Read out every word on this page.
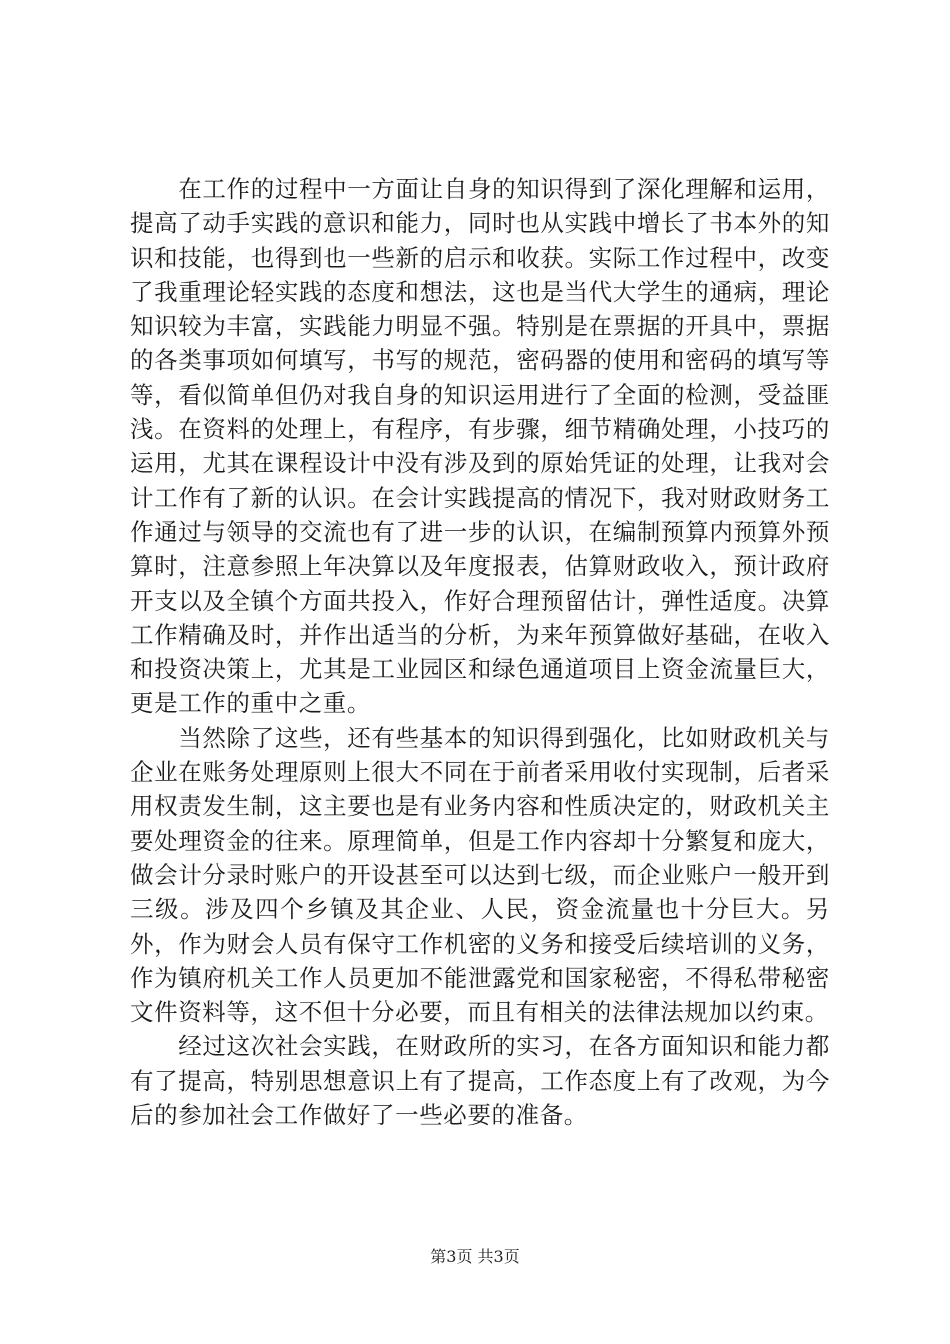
　　在工作的过程中一方面让自身的知识得到了深化理解和运用，提高了动手实践的意识和能力，同时也从实践中增长了书本外的知识和技能，也得到也一些新的启示和收获。实际工作过程中，改变了我重理论轻实践的态度和想法，这也是当代大学生的通病，理论知识较为丰富，实践能力明显不强。特别是在票据的开具中，票据的各类事项如何填写，书写的规范，密码器的使用和密码的填写等等，看似简单但仍对我自身的知识运用进行了全面的检测，受益匪浅。在资料的处理上，有程序，有步骤，细节精确处理，小技巧的运用，尤其在课程设计中没有涉及到的原始凭证的处理，让我对会计工作有了新的认识。在会计实践提高的情况下，我对财政财务工作通过与领导的交流也有了进一步的认识，在编制预算内预算外预算时，注意参照上年决算以及年度报表，估算财政收入，预计政府开支以及全镇个方面共投入，作好合理预留估计，弹性适度。决算工作精确及时，并作出适当的分析，为来年预算做好基础，在收入和投资决策上，尤其是工业园区和绿色通道项目上资金流量巨大，更是工作的重中之重。

　　当然除了这些，还有些基本的知识得到强化，比如财政机关与企业在账务处理原则上很大不同在于前者采用收付实现制，后者采用权责发生制，这主要也是有业务内容和性质决定的，财政机关主要处理资金的往来。原理简单，但是工作内容却十分繁复和庞大，做会计分录时账户的开设甚至可以达到七级，而企业账户一般开到三级。涉及四个乡镇及其企业、人民，资金流量也十分巨大。另外，作为财会人员有保守工作机密的义务和接受后续培训的义务，作为镇府机关工作人员更加不能泄露党和国家秘密，不得私带秘密文件资料等，这不但十分必要，而且有相关的法律法规加以约束。

　　经过这次社会实践，在财政所的实习，在各方面知识和能力都有了提高，特别思想意识上有了提高，工作态度上有了改观，为今后的参加社会工作做好了一些必要的准备。

第3页 共3页
